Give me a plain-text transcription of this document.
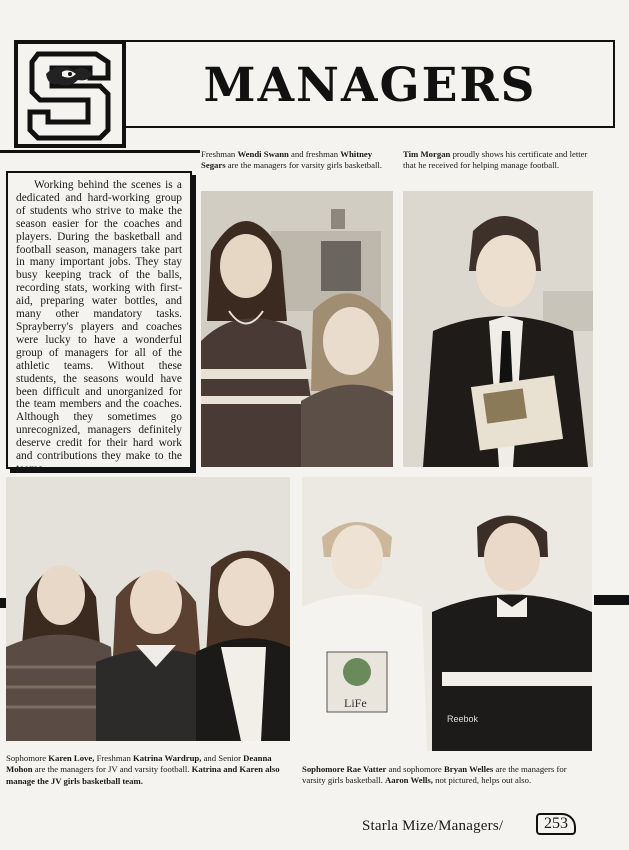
MANAGERS

Working behind the scenes is a dedicated and hard-working group of students who strive to make the season easier for the coaches and players. During the basketball and football season, managers take part in many important jobs. They stay busy keeping track of the balls, recording stats, working with first-aid, preparing water bottles, and many other mandatory tasks. Sprayberry's players and coaches were lucky to have a wonderful group of managers for all of the athletic teams. Without these students, the seasons would have been difficult and unorganized for the team members and the coaches. Although they sometimes go unrecognized, managers definitely deserve credit for their hard work and contributions they make to the teams.

Freshman Wendi Swann and freshman Whitney Segars are the managers for varsity girls basketball.
Tim Morgan proudly shows his certificate and letter that he received for helping manage football.
LiFe
Reebok
Sophomore Karen Love, Freshman Katrina Wardrup, and Senior Deanna Mohon are the managers for JV and varsity football. Katrina and Karen also manage the JV girls basketball team.
Sophomore Rae Vatter and sophomore Bryan Welles are the managers for varsity girls basketball. Aaron Wells, not pictured, helps out also.
Starla Mize/Managers/	253
